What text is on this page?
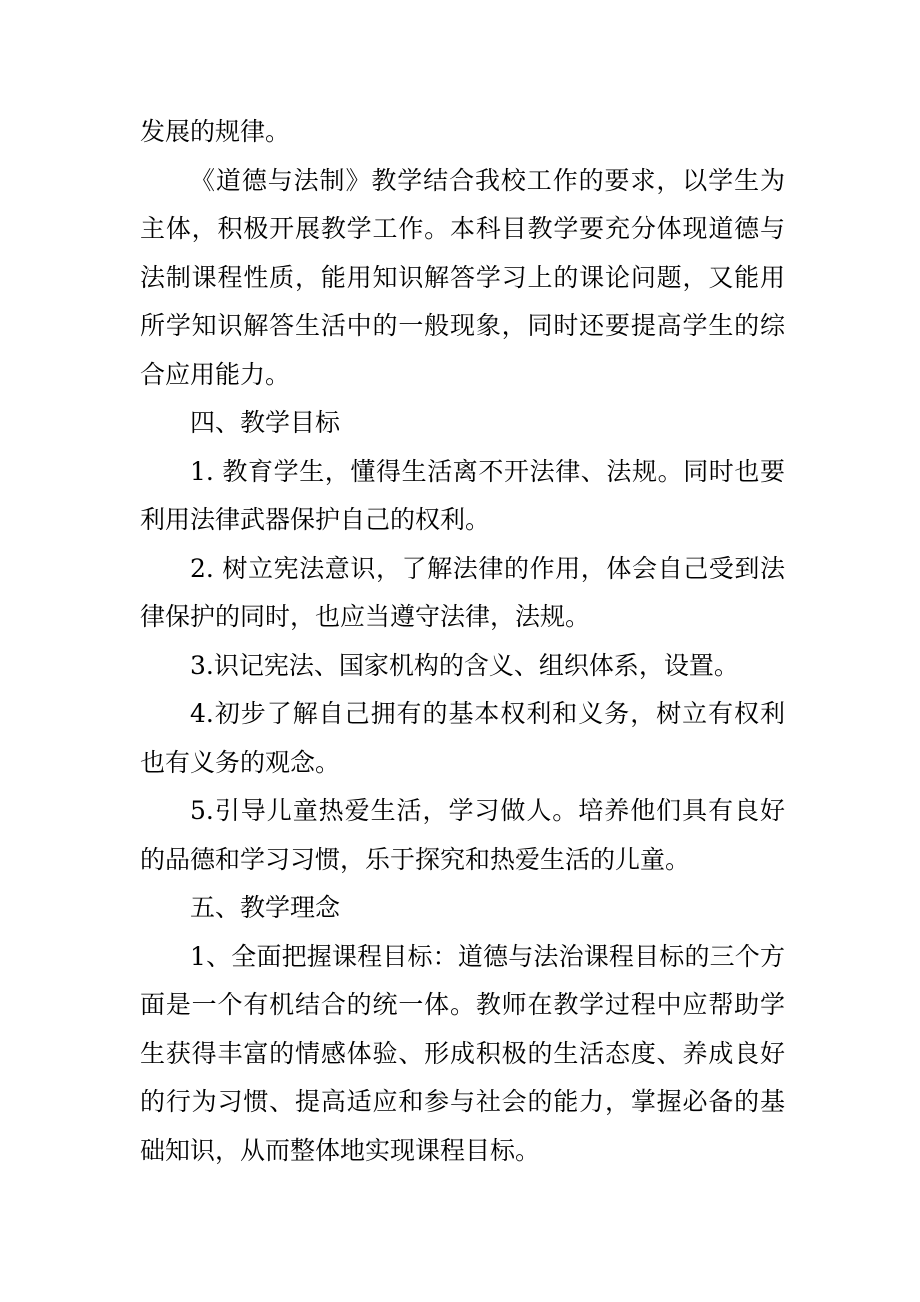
发展的规律。

《道德与法制》教学结合我校工作的要求，以学生为主体，积极开展教学工作。本科目教学要充分体现道德与法制课程性质，能用知识解答学习上的课论问题，又能用所学知识解答生活中的一般现象，同时还要提高学生的综合应用能力。

四、教学目标

1. 教育学生，懂得生活离不开法律、法规。同时也要利用法律武器保护自己的权利。

2. 树立宪法意识，了解法律的作用，体会自己受到法律保护的同时，也应当遵守法律，法规。

3.识记宪法、国家机构的含义、组织体系，设置。

4.初步了解自己拥有的基本权利和义务，树立有权利也有义务的观念。

5.引导儿童热爱生活，学习做人。培养他们具有良好的品德和学习习惯，乐于探究和热爱生活的儿童。

五、教学理念

1、全面把握课程目标：道德与法治课程目标的三个方面是一个有机结合的统一体。教师在教学过程中应帮助学生获得丰富的情感体验、形成积极的生活态度、养成良好的行为习惯、提高适应和参与社会的能力，掌握必备的基础知识，从而整体地实现课程目标。
